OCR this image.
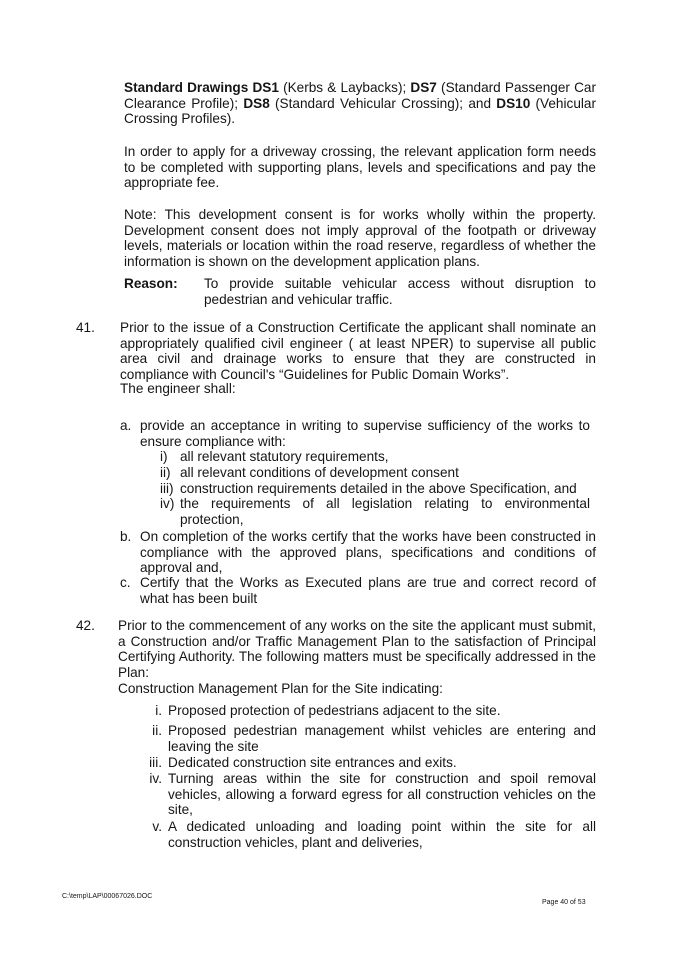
Standard Drawings DS1 (Kerbs & Laybacks); DS7 (Standard Passenger Car Clearance Profile); DS8 (Standard Vehicular Crossing); and DS10 (Vehicular Crossing Profiles).
In order to apply for a driveway crossing, the relevant application form needs to be completed with supporting plans, levels and specifications and pay the appropriate fee.
Note: This development consent is for works wholly within the property. Development consent does not imply approval of the footpath or driveway levels, materials or location within the road reserve, regardless of whether the information is shown on the development application plans.
Reason: To provide suitable vehicular access without disruption to pedestrian and vehicular traffic.
41. Prior to the issue of a Construction Certificate the applicant shall nominate an appropriately qualified civil engineer ( at least NPER) to supervise all public area civil and drainage works to ensure that they are constructed in compliance with Council's “Guidelines for Public Domain Works”.
The engineer shall:
a. provide an acceptance in writing to supervise sufficiency of the works to ensure compliance with:
i) all relevant statutory requirements,
ii) all relevant conditions of development consent
iii) construction requirements detailed in the above Specification, and
iv) the requirements of all legislation relating to environmental protection,
b. On completion of the works certify that the works have been constructed in compliance with the approved plans, specifications and conditions of approval and,
c. Certify that the Works as Executed plans are true and correct record of what has been built
42. Prior to the commencement of any works on the site the applicant must submit, a Construction and/or Traffic Management Plan to the satisfaction of Principal Certifying Authority. The following matters must be specifically addressed in the Plan:
Construction Management Plan for the Site indicating:
i. Proposed protection of pedestrians adjacent to the site.
ii. Proposed pedestrian management whilst vehicles are entering and leaving the site
iii. Dedicated construction site entrances and exits.
iv. Turning areas within the site for construction and spoil removal vehicles, allowing a forward egress for all construction vehicles on the site,
v. A dedicated unloading and loading point within the site for all construction vehicles, plant and deliveries,
C:\temp\LAP\00067026.DOC
Page 40 of 53
